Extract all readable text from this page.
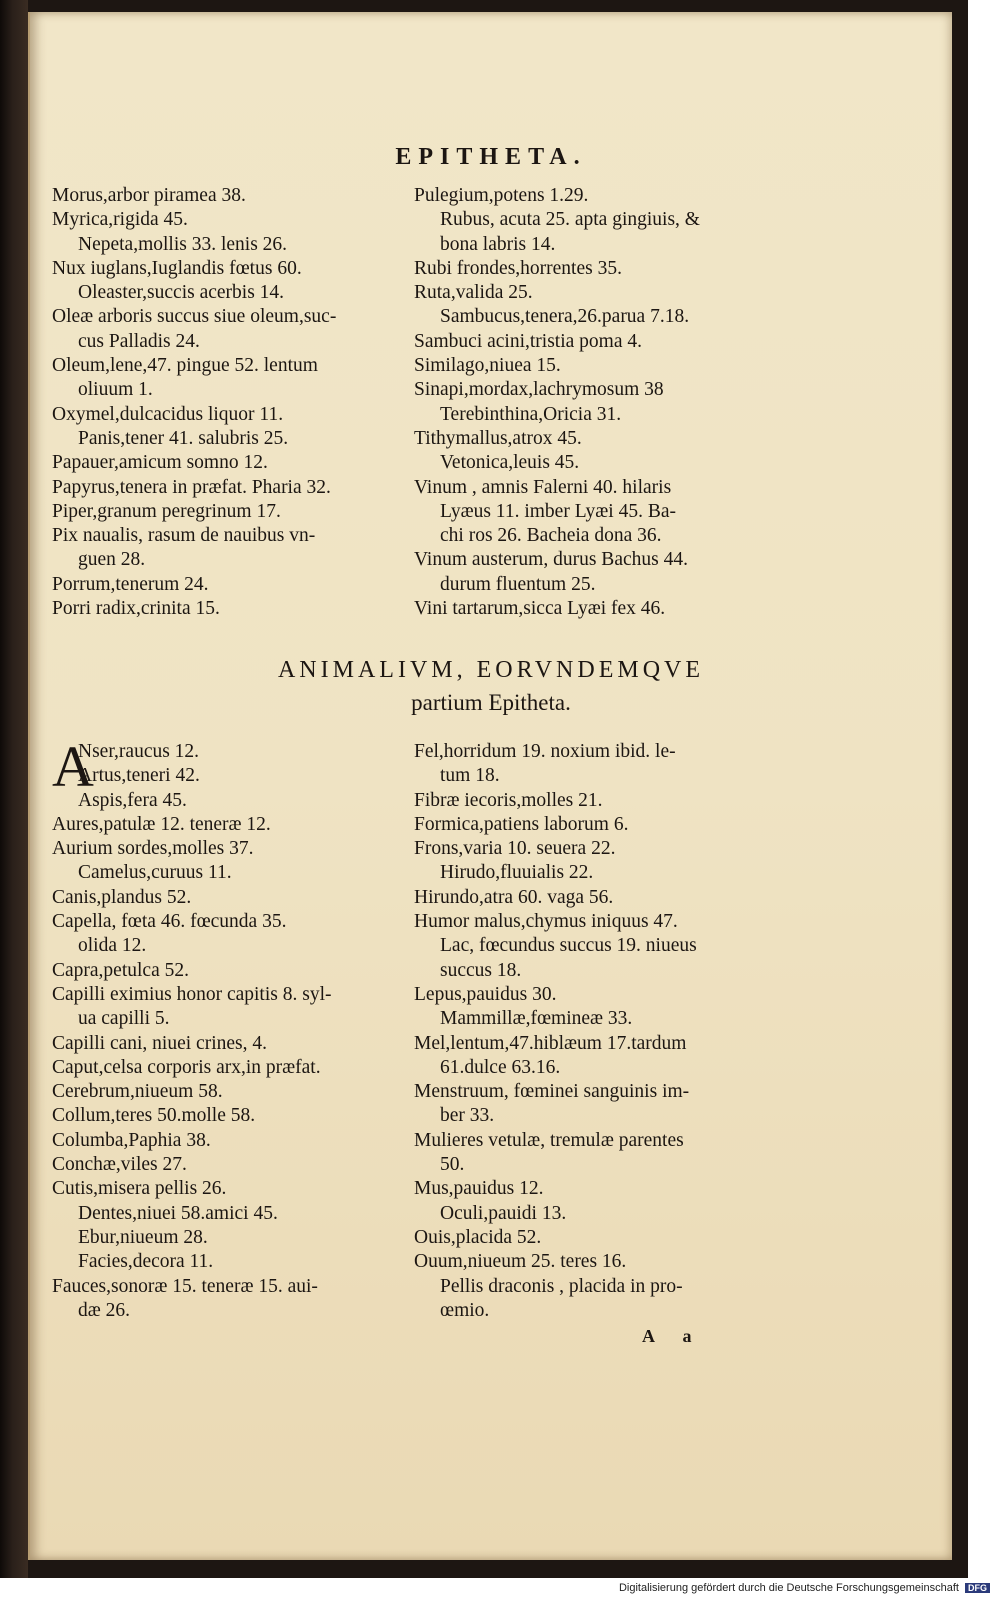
EPITHETA.
Morus,arbor piramea 38.
Myrica,rigida 45.
Nepeta,mollis 33. lenis 26.
Nux iuglans,Iuglandis fœtus 60.
Oleaster,succis acerbis 14.
Oleæ arboris succus siue oleum,suc-
cus Palladis 24.
Oleum,lene,47. pingue 52. lentum
oliuum 1.
Oxymel,dulcacidus liquor 11.
Panis,tener 41. salubris 25.
Papauer,amicum somno 12.
Papyrus,tenera in præfat. Pharia 32.
Piper,granum peregrinum 17.
Pix naualis, rasum de nauibus vn-
guen 28.
Porrum,tenerum 24.
Porri radix,crinita 15.
Pulegium,potens 1.29.
Rubus, acuta 25. apta gingiuis, &
bona labris 14.
Rubi frondes,horrentes 35.
Ruta,valida 25.
Sambucus,tenera,26.parua 7.18.
Sambuci acini,tristia poma 4.
Similago,niuea 15.
Sinapi,mordax,lachrymosum 38
Terebinthina,Oricia 31.
Tithymallus,atrox 45.
Vetonica,leuis 45.
Vinum , amnis Falerni 40. hilaris
Lyæus 11. imber Lyæi 45. Ba-
chi ros 26. Bacheia dona 36.
Vinum austerum, durus Bachus 44.
durum fluentum 25.
Vini tartarum,sicca Lyæi fex 46.
ANIMALIVM, EORVNDEMQVE
partium Epitheta.
A
Nser,raucus 12.
Artus,teneri 42.
Aspis,fera 45.
Aures,patulæ 12. teneræ 12.
Aurium sordes,molles 37.
Camelus,curuus 11.
Canis,plandus 52.
Capella, fœta 46. fœcunda 35.
olida 12.
Capra,petulca 52.
Capilli eximius honor capitis 8. syl-
ua capilli 5.
Capilli cani, niuei crines, 4.
Caput,celsa corporis arx,in præfat.
Cerebrum,niueum 58.
Collum,teres 50.molle 58.
Columba,Paphia 38.
Conchæ,viles 27.
Cutis,misera pellis 26.
Dentes,niuei 58.amici 45.
Ebur,niueum 28.
Facies,decora 11.
Fauces,sonoræ 15. teneræ 15. aui-
dæ 26.
Fel,horridum 19. noxium ibid. le-
tum 18.
Fibræ iecoris,molles 21.
Formica,patiens laborum 6.
Frons,varia 10. seuera 22.
Hirudo,fluuialis 22.
Hirundo,atra 60. vaga 56.
Humor malus,chymus iniquus 47.
Lac, fœcundus succus 19. niueus
succus 18.
Lepus,pauidus 30.
Mammillæ,fœmineæ 33.
Mel,lentum,47.hiblæum 17.tardum
61.dulce 63.16.
Menstruum, fœminei sanguinis im-
ber 33.
Mulieres vetulæ, tremulæ parentes
50.
Mus,pauidus 12.
Oculi,pauidi 13.
Ouis,placida 52.
Ouum,niueum 25. teres 16.
Pellis draconis , placida in pro-
œmio.
A a
Digitalisierung gefördert durch die Deutsche Forschungsgemeinschaft DFG
